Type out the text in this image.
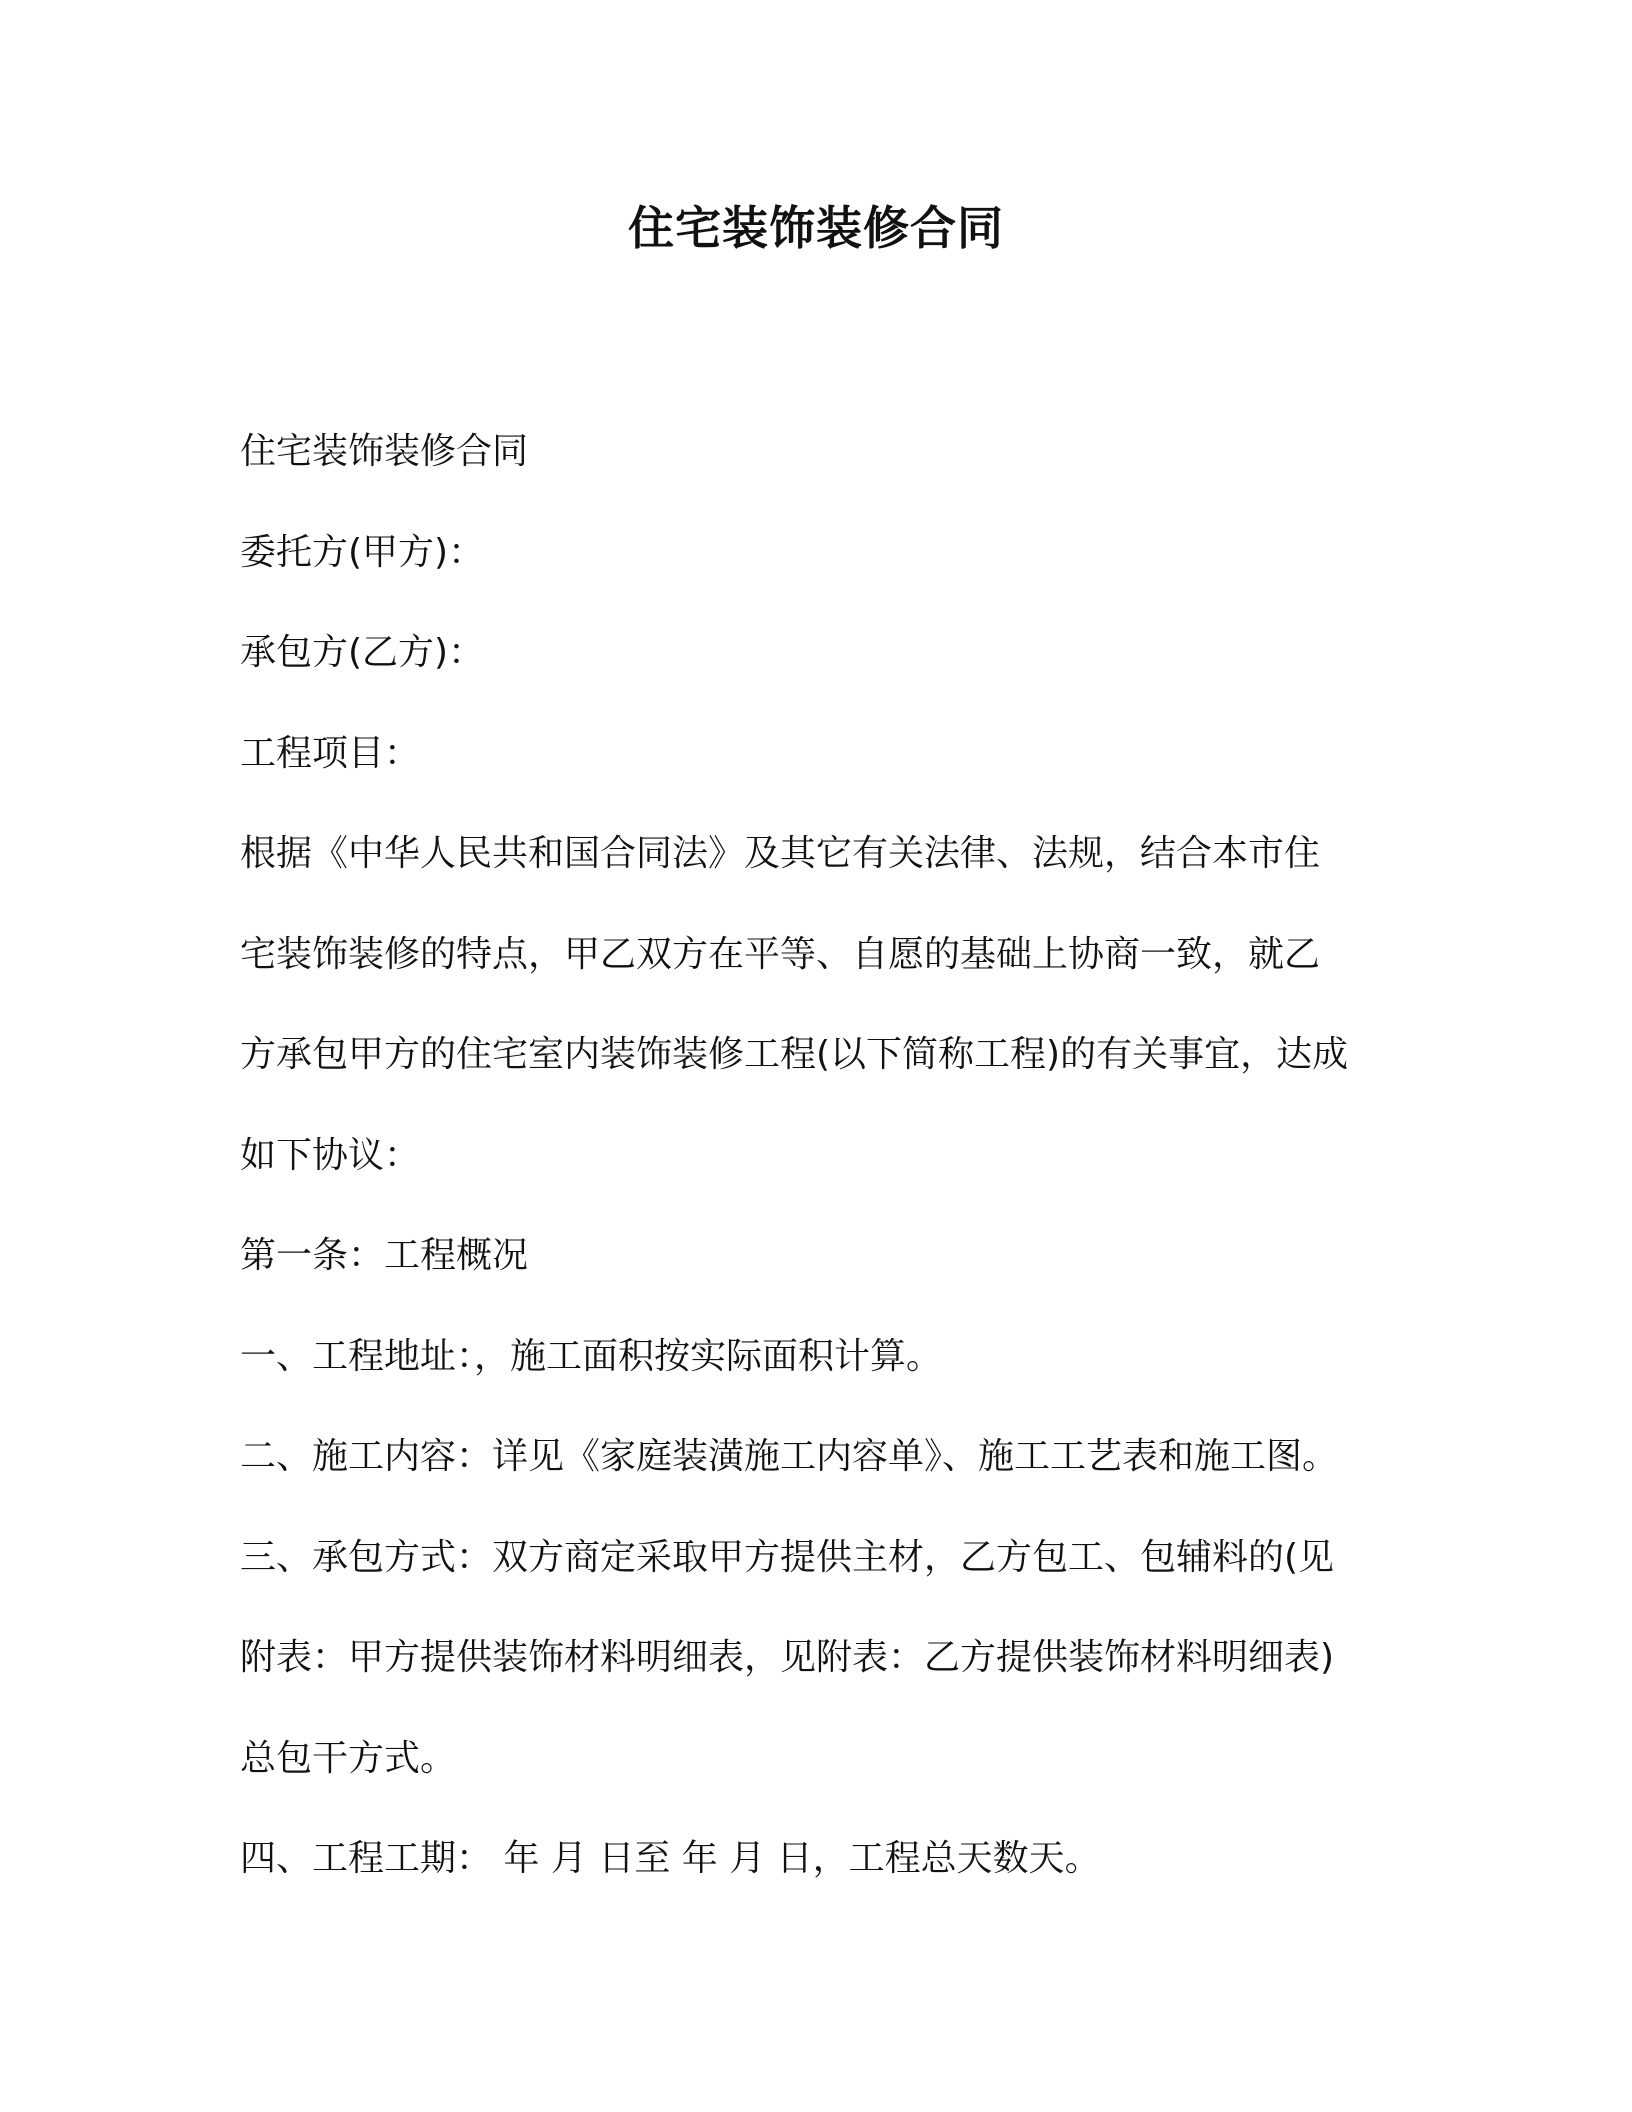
住宅装饰装修合同

住宅装饰装修合同

委托方(甲方)：

承包方(乙方)：

工程项目：

根据《中华人民共和国合同法》及其它有关法律、法规，结合本市住

宅装饰装修的特点，甲乙双方在平等、自愿的基础上协商一致，就乙

方承包甲方的住宅室内装饰装修工程(以下简称工程)的有关事宜，达成

如下协议：

第一条：工程概况

一、工程地址：，施工面积按实际面积计算。

二、施工内容：详见《家庭装潢施工内容单》、施工工艺表和施工图。

三、承包方式：双方商定采取甲方提供主材，乙方包工、包辅料的(见

附表：甲方提供装饰材料明细表，见附表：乙方提供装饰材料明细表)

总包干方式。

四、工程工期： 年 月 日至 年 月 日，工程总天数天。
